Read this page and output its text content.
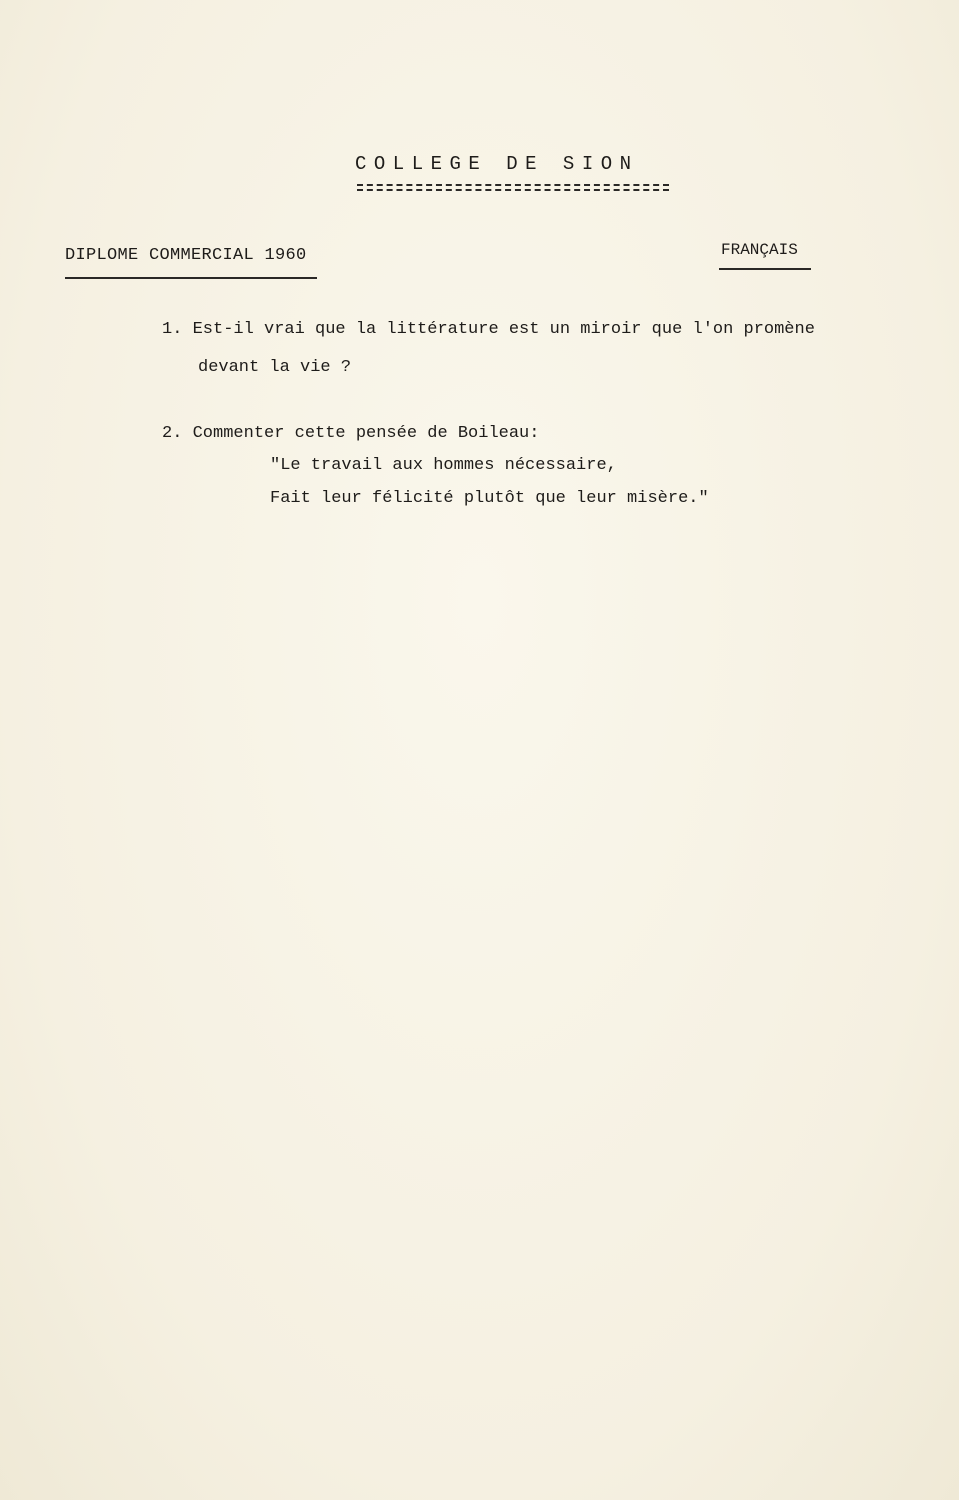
COLLEGE DE SION
DIPLOME COMMERCIAL 1960	FRANÇAIS
1. Est-il vrai que la littérature est un miroir que l'on promène
devant la vie ?
2. Commenter cette pensée de Boileau:
"Le travail aux hommes nécessaire,
Fait leur félicité plutôt que leur misère."
